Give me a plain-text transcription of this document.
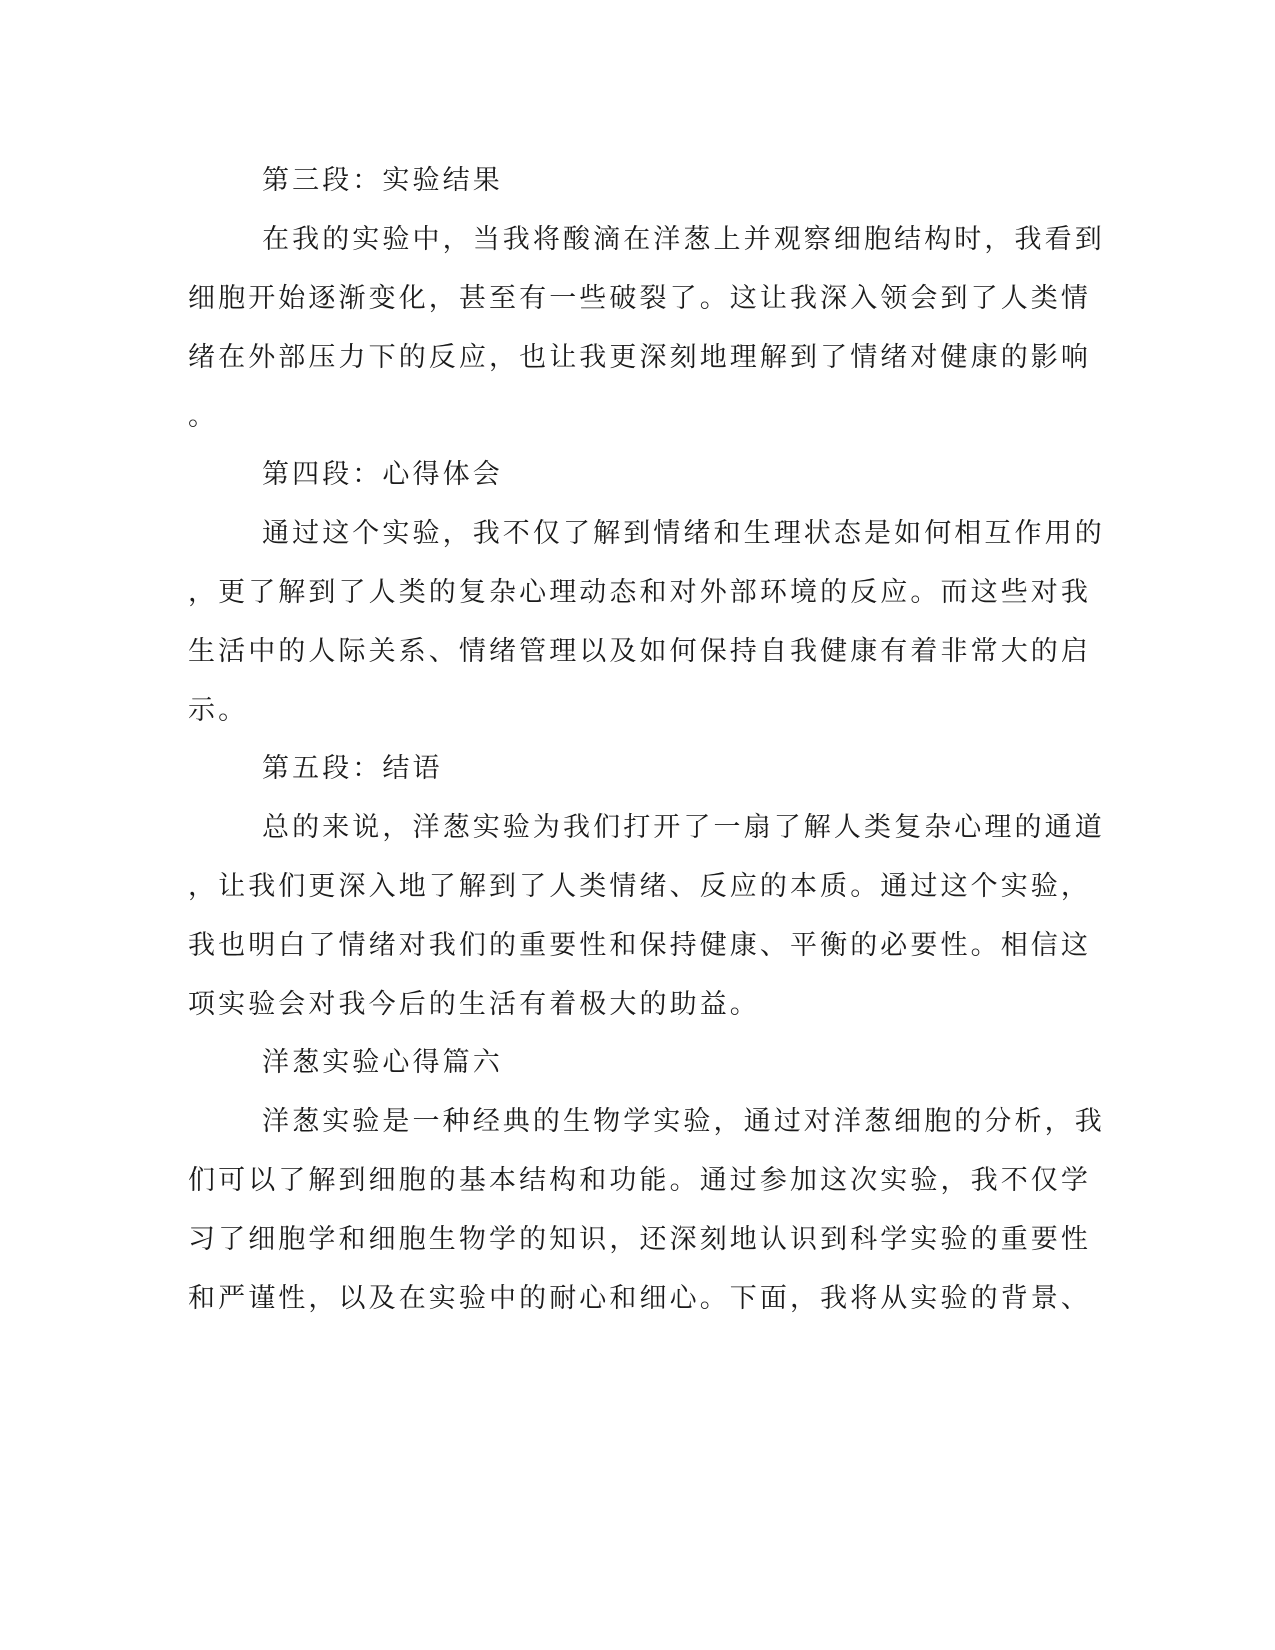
第三段：实验结果
在我的实验中，当我将酸滴在洋葱上并观察细胞结构时，我看到
细胞开始逐渐变化，甚至有一些破裂了。这让我深入领会到了人类情
绪在外部压力下的反应，也让我更深刻地理解到了情绪对健康的影响
。
第四段：心得体会
通过这个实验，我不仅了解到情绪和生理状态是如何相互作用的
，更了解到了人类的复杂心理动态和对外部环境的反应。而这些对我
生活中的人际关系、情绪管理以及如何保持自我健康有着非常大的启
示。
第五段：结语
总的来说，洋葱实验为我们打开了一扇了解人类复杂心理的通道
，让我们更深入地了解到了人类情绪、反应的本质。通过这个实验，
我也明白了情绪对我们的重要性和保持健康、平衡的必要性。相信这
项实验会对我今后的生活有着极大的助益。
洋葱实验心得篇六
洋葱实验是一种经典的生物学实验，通过对洋葱细胞的分析，我
们可以了解到细胞的基本结构和功能。通过参加这次实验，我不仅学
习了细胞学和细胞生物学的知识，还深刻地认识到科学实验的重要性
和严谨性，以及在实验中的耐心和细心。下面，我将从实验的背景、
